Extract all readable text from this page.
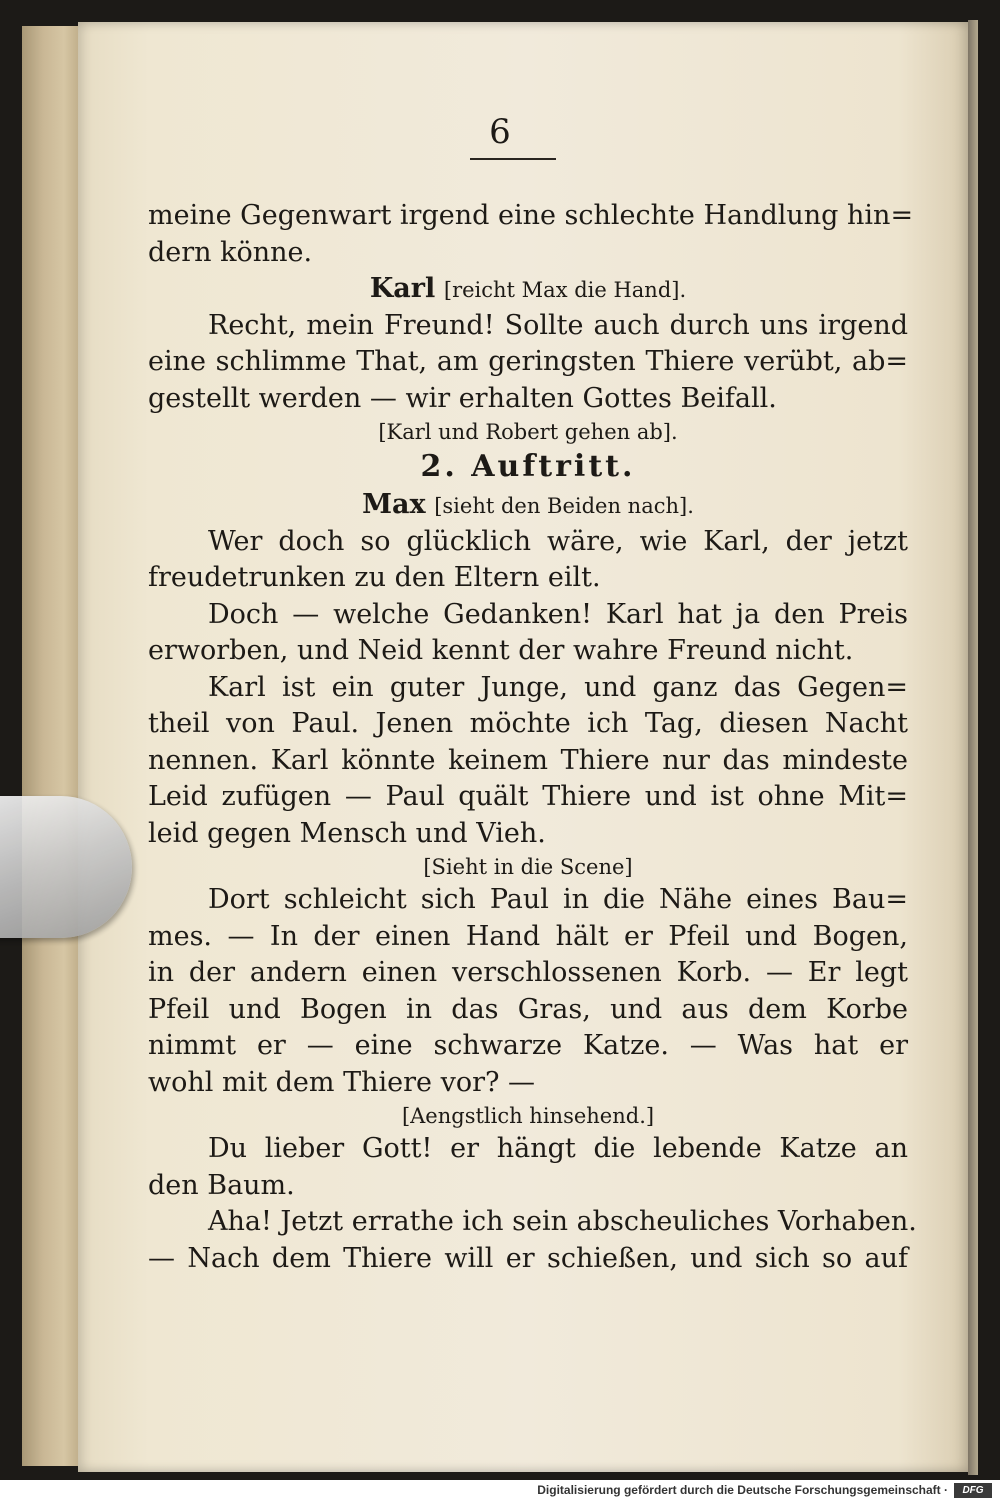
6
meine Gegenwart irgend eine schlechte Handlung hin=
dern könne.
Karl [reicht Max die Hand].
Recht, mein Freund! Sollte auch durch uns irgend
eine schlimme That, am geringsten Thiere verübt, ab=
gestellt werden — wir erhalten Gottes Beifall.
[Karl und Robert gehen ab].
2. Auftritt.
Max [sieht den Beiden nach].
Wer doch so glücklich wäre, wie Karl, der jetzt
freudetrunken zu den Eltern eilt.
Doch — welche Gedanken! Karl hat ja den Preis
erworben, und Neid kennt der wahre Freund nicht.
Karl ist ein guter Junge, und ganz das Gegen=
theil von Paul. Jenen möchte ich Tag, diesen Nacht
nennen. Karl könnte keinem Thiere nur das mindeste
Leid zufügen — Paul quält Thiere und ist ohne Mit=
leid gegen Mensch und Vieh.
[Sieht in die Scene]
Dort schleicht sich Paul in die Nähe eines Bau=
mes. — In der einen Hand hält er Pfeil und Bogen,
in der andern einen verschlossenen Korb. — Er legt
Pfeil und Bogen in das Gras, und aus dem Korbe
nimmt er — eine schwarze Katze. — Was hat er
wohl mit dem Thiere vor? —
[Aengstlich hinsehend.]
Du lieber Gott! er hängt die lebende Katze an
den Baum.
Aha! Jetzt errathe ich sein abscheuliches Vorhaben.
— Nach dem Thiere will er schießen, und sich so auf
Digitalisierung gefördert durch die Deutsche Forschungsgemeinschaft ·	DFG
